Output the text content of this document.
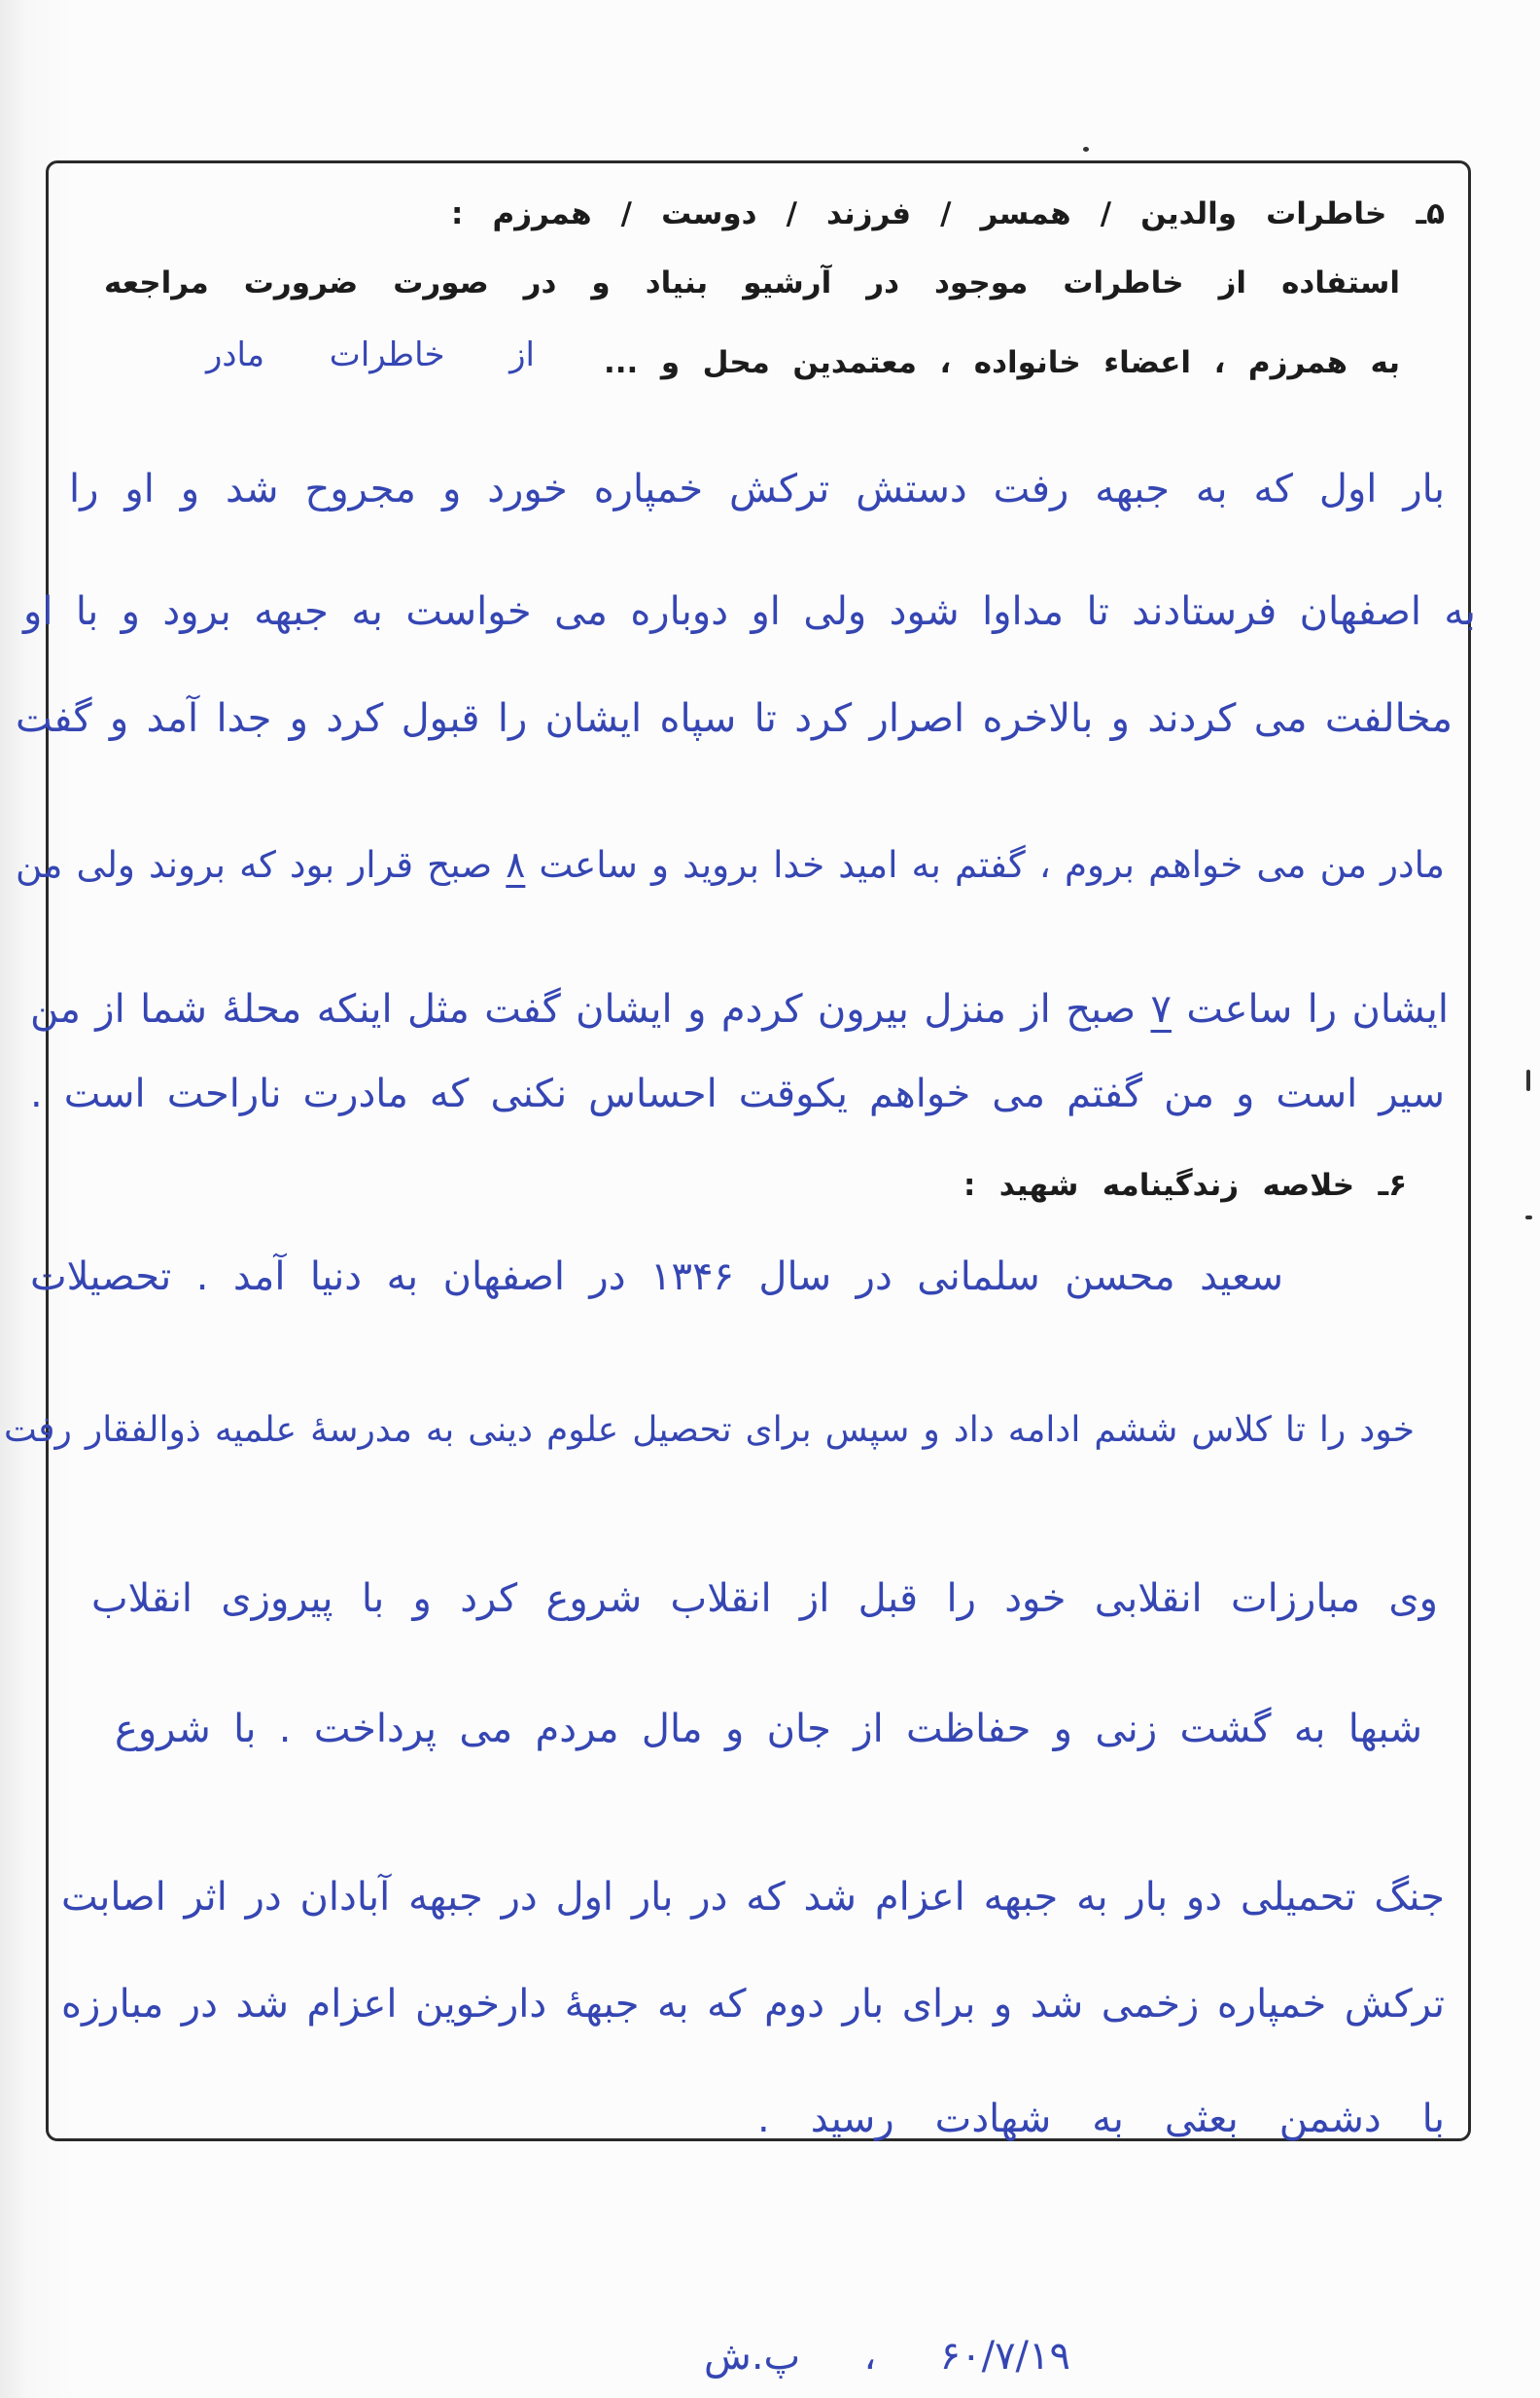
۵ـ خاطرات والدین / همسر / فرزند / دوست / همرزم :
استفاده از خاطرات موجود در آرشیو بنیاد و در صورت ضرورت مراجعه
به همرزم ، اعضاء خانواده ، معتمدین محل و ...
از خاطرات مادر
بار اول که به جبهه رفت دستش ترکش خمپاره خورد و مجروح شد و او را
به اصفهان فرستادند تا مداوا شود ولی او دوباره می خواست به جبهه برود و با او
مخالفت می کردند و بالاخره اصرار کرد تا سپاه ایشان را قبول کرد و جدا آمد و گفت
مادر من می خواهم بروم ، گفتم به امید خدا بروید و ساعت ۸ صبح قرار بود که بروند ولی من
ایشان را ساعت ۷ صبح از منزل بیرون کردم و ایشان گفت مثل اینکه محلۀ شما از من
سیر است و من گفتم می خواهم یکوقت احساس نکنی که مادرت ناراحت است .
۶ـ خلاصه زندگینامه شهید :
سعید محسن سلمانی در سال ۱۳۴۶ در اصفهان به دنیا آمد . تحصیلات
خود را تا کلاس ششم ادامه داد و سپس برای تحصیل علوم دینی به مدرسۀ علمیه ذوالفقار رفت
وی مبارزات انقلابی خود را قبل از انقلاب شروع کرد و با پیروزی انقلاب
شبها به گشت زنی و حفاظت از جان و مال مردم می پرداخت . با شروع
جنگ تحمیلی دو بار به جبهه اعزام شد که در بار اول در جبهه آبادان در اثر اصابت
ترکش خمپاره زخمی شد و برای بار دوم که به جبهۀ دارخوین اعزام شد در مبارزه
با دشمن بعثی به شهادت رسید .
۶۰/۷/۱۹ ، پ.ش
